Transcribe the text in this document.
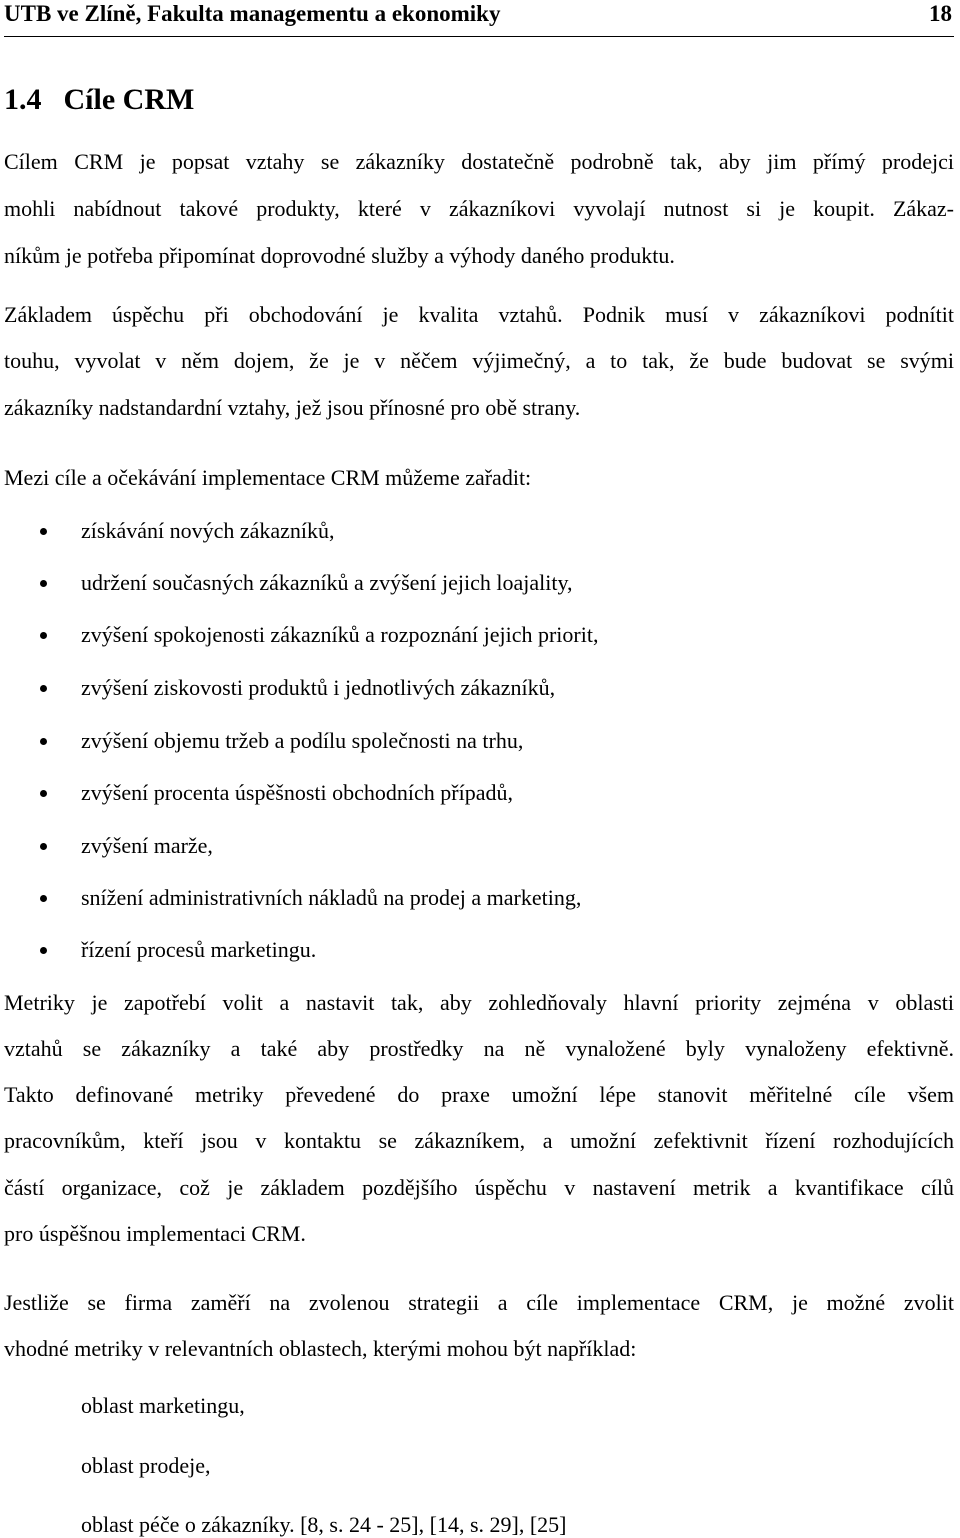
UTB ve Zlíně, Fakulta managementu a ekonomiky	18
1.4 Cíle CRM
Cílem CRM je popsat vztahy se zákazníky dostatečně podrobně tak, aby jim přímý prodejci
mohli nabídnout takové produkty, které v zákazníkovi vyvolají nutnost si je koupit. Zákaz-
níkům je potřeba připomínat doprovodné služby a výhody daného produktu.
Základem úspěchu při obchodování je kvalita vztahů. Podnik musí v zákazníkovi podnítit
touhu, vyvolat v něm dojem, že je v něčem výjimečný, a to tak, že bude budovat se svými
zákazníky nadstandardní vztahy, jež jsou přínosné pro obě strany.
Mezi cíle a očekávání implementace CRM můžeme zařadit:
získávání nových zákazníků,
udržení současných zákazníků a zvýšení jejich loajality,
zvýšení spokojenosti zákazníků a rozpoznání jejich priorit,
zvýšení ziskovosti produktů i jednotlivých zákazníků,
zvýšení objemu tržeb a podílu společnosti na trhu,
zvýšení procenta úspěšnosti obchodních případů,
zvýšení marže,
snížení administrativních nákladů na prodej a marketing,
řízení procesů marketingu.
Metriky je zapotřebí volit a nastavit tak, aby zohledňovaly hlavní priority zejména v oblasti
vztahů se zákazníky a také aby prostředky na ně vynaložené byly vynaloženy efektivně.
Takto definované metriky převedené do praxe umožní lépe stanovit měřitelné cíle všem
pracovníkům, kteří jsou v kontaktu se zákazníkem, a umožní zefektivnit řízení rozhodujících
částí organizace, což je základem pozdějšího úspěchu v nastavení metrik a kvantifikace cílů
pro úspěšnou implementaci CRM.
Jestliže se firma zaměří na zvolenou strategii a cíle implementace CRM, je možné zvolit
vhodné metriky v relevantních oblastech, kterými mohou být například:
oblast marketingu,
oblast prodeje,
oblast péče o zákazníky. [8, s. 24 - 25], [14, s. 29], [25]
